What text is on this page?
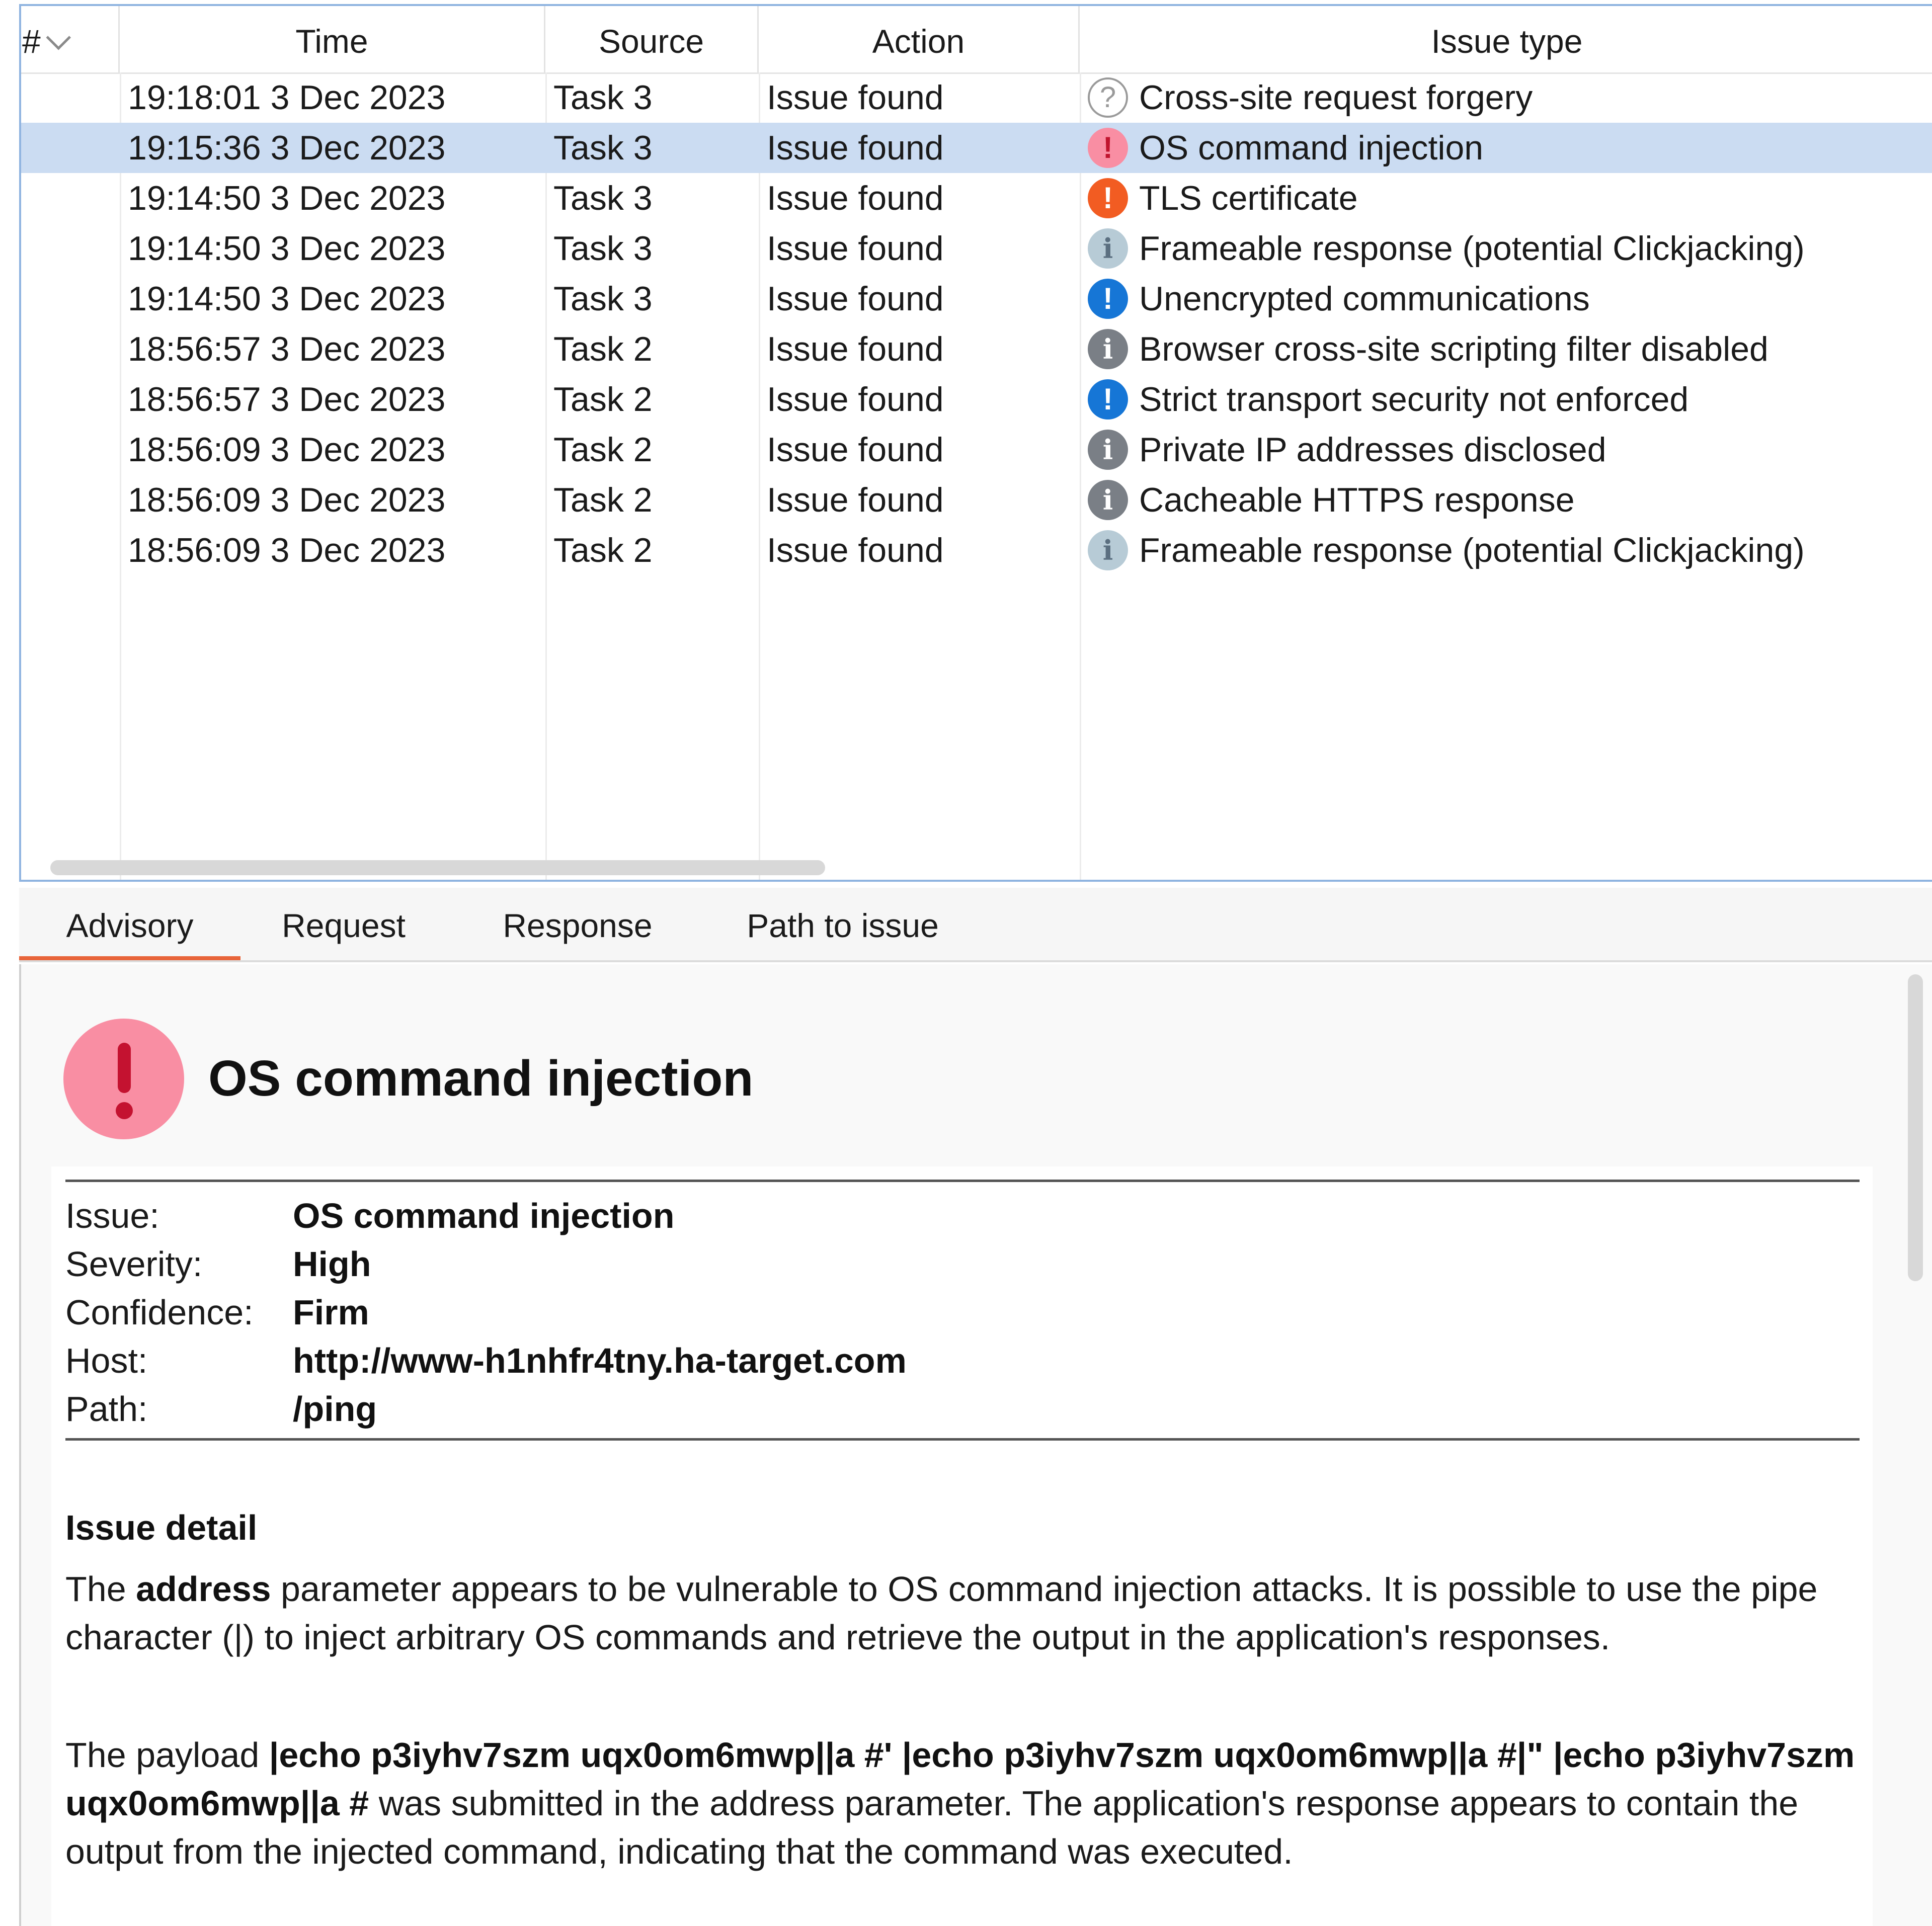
#	Time	Source	Action	Issue type
19:18:01 3 Dec 2023	Task 3	Issue found	? Cross-site request forgery
19:15:36 3 Dec 2023	Task 3	Issue found	! OS command injection
19:14:50 3 Dec 2023	Task 3	Issue found	! TLS certificate
19:14:50 3 Dec 2023	Task 3	Issue found	i Frameable response (potential Clickjacking)
19:14:50 3 Dec 2023	Task 3	Issue found	! Unencrypted communications
18:56:57 3 Dec 2023	Task 2	Issue found	i Browser cross-site scripting filter disabled
18:56:57 3 Dec 2023	Task 2	Issue found	! Strict transport security not enforced
18:56:09 3 Dec 2023	Task 2	Issue found	i Private IP addresses disclosed
18:56:09 3 Dec 2023	Task 2	Issue found	i Cacheable HTTPS response
18:56:09 3 Dec 2023	Task 2	Issue found	i Frameable response (potential Clickjacking)
Advisory	Request	Response	Path to issue
OS command injection
Issue:	OS command injection
Severity:	High
Confidence:	Firm
Host:	http://www-h1nhfr4tny.ha-target.com
Path:	/ping
Issue detail
The address parameter appears to be vulnerable to OS command injection attacks. It is possible to use the pipe character (|) to inject arbitrary OS commands and retrieve the output in the application's responses.
The payload |echo p3iyhv7szm uqx0om6mwp||a #' |echo p3iyhv7szm uqx0om6mwp||a #|" |echo p3iyhv7szm uqx0om6mwp||a # was submitted in the address parameter. The application's response appears to contain the output from the injected command, indicating that the command was executed.
